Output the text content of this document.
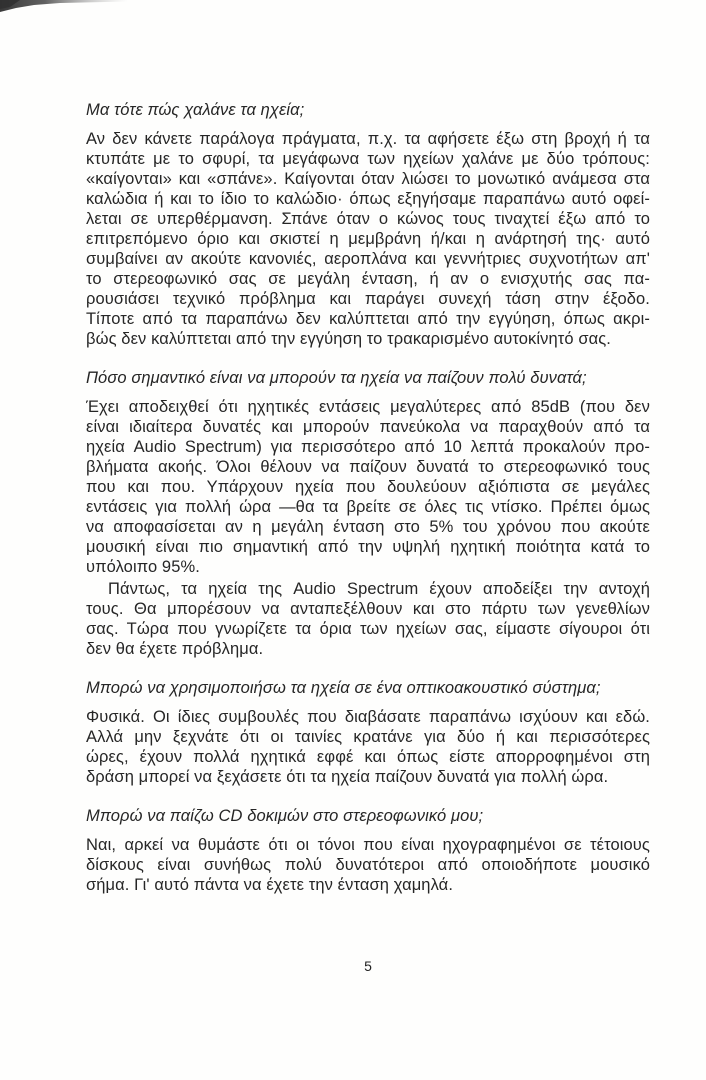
Μα τότε πώς χαλάνε τα ηχεία;
Αν δεν κάνετε παράλογα πράγματα, π.χ. τα αφήσετε έξω στη βροχή ή τα
κτυπάτε με το σφυρί, τα μεγάφωνα των ηχείων χαλάνε με δύο τρόπους:
«καίγονται» και «σπάνε». Καίγονται όταν λιώσει το μονωτικό ανάμεσα στα
καλώδια ή και το ίδιο το καλώδιο· όπως εξηγήσαμε παραπάνω αυτό οφεί-
λεται σε υπερθέρμανση. Σπάνε όταν ο κώνος τους τιναχτεί έξω από το
επιτρεπόμενο όριο και σκιστεί η μεμβράνη ή/και η ανάρτησή της· αυτό
συμβαίνει αν ακούτε κανονιές, αεροπλάνα και γεννήτριες συχνοτήτων απ'
το στερεοφωνικό σας σε μεγάλη ένταση, ή αν ο ενισχυτής σας πα-
ρουσιάσει τεχνικό πρόβλημα και παράγει συνεχή τάση στην έξοδο.
Τίποτε από τα παραπάνω δεν καλύπτεται από την εγγύηση, όπως ακρι-
βώς δεν καλύπτεται από την εγγύηση το τρακαρισμένο αυτοκίνητό σας.
Πόσο σημαντικό είναι να μπορούν τα ηχεία να παίζουν πολύ δυνατά;
Έχει αποδειχθεί ότι ηχητικές εντάσεις μεγαλύτερες από 85dB (που δεν
είναι ιδιαίτερα δυνατές και μπορούν πανεύκολα να παραχθούν από τα
ηχεία Audio Spectrum) για περισσότερο από 10 λεπτά προκαλούν προ-
βλήματα ακοής. Όλοι θέλουν να παίζουν δυνατά το στερεοφωνικό τους
που και που. Υπάρχουν ηχεία που δουλεύουν αξιόπιστα σε μεγάλες
εντάσεις για πολλή ώρα —θα τα βρείτε σε όλες τις ντίσκο. Πρέπει όμως
να αποφασίσεται αν η μεγάλη ένταση στο 5% του χρόνου που ακούτε
μουσική είναι πιο σημαντική από την υψηλή ηχητική ποιότητα κατά το
υπόλοιπο 95%.
Πάντως, τα ηχεία της Audio Spectrum έχουν αποδείξει την αντοχή
τους. Θα μπορέσουν να ανταπεξέλθουν και στο πάρτυ των γενεθλίων
σας. Τώρα που γνωρίζετε τα όρια των ηχείων σας, είμαστε σίγουροι ότι
δεν θα έχετε πρόβλημα.
Μπορώ να χρησιμοποιήσω τα ηχεία σε ένα οπτικοακουστικό σύστημα;
Φυσικά. Οι ίδιες συμβουλές που διαβάσατε παραπάνω ισχύουν και εδώ.
Αλλά μην ξεχνάτε ότι οι ταινίες κρατάνε για δύο ή και περισσότερες
ώρες, έχουν πολλά ηχητικά εφφέ και όπως είστε απορροφημένοι στη
δράση μπορεί να ξεχάσετε ότι τα ηχεία παίζουν δυνατά για πολλή ώρα.
Μπορώ να παίζω CD δοκιμών στο στερεοφωνικό μου;
Ναι, αρκεί να θυμάστε ότι οι τόνοι που είναι ηχογραφημένοι σε τέτοιους
δίσκους είναι συνήθως πολύ δυνατότεροι από οποιοδήποτε μουσικό
σήμα. Γι' αυτό πάντα να έχετε την ένταση χαμηλά.
5
